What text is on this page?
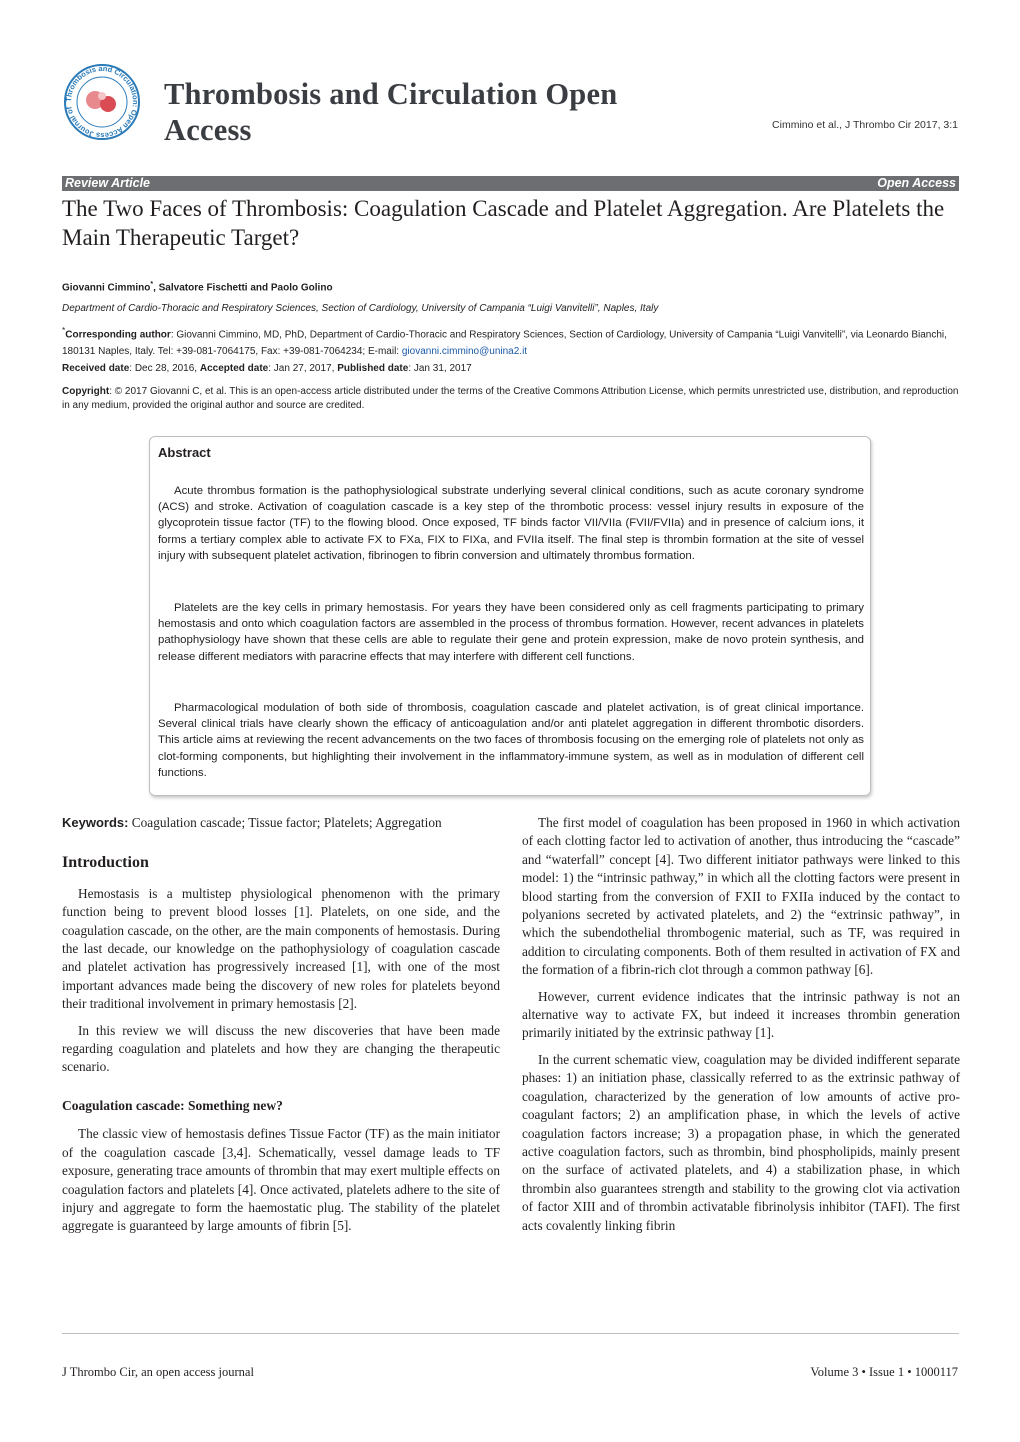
Thrombosis and Circulation: Open Access Journal of	Thrombosis and Circulation Open
Access	Cimmino et al., J Thrombo Cir 2017, 3:1
Review Article	Open Access
The Two Faces of Thrombosis: Coagulation Cascade and Platelet Aggregation. Are Platelets the Main Therapeutic Target?
Giovanni Cimmino*, Salvatore Fischetti and Paolo Golino
Department of Cardio-Thoracic and Respiratory Sciences, Section of Cardiology, University of Campania “Luigi Vanvitelli”, Naples, Italy
*Corresponding author: Giovanni Cimmino, MD, PhD, Department of Cardio-Thoracic and Respiratory Sciences, Section of Cardiology, University of Campania “Luigi Vanvitelli”, via Leonardo Bianchi, 180131 Naples, Italy. Tel: +39-081-7064175, Fax: +39-081-7064234; E-mail: giovanni.cimmino@unina2.it
Received date: Dec 28, 2016, Accepted date: Jan 27, 2017, Published date: Jan 31, 2017
Copyright: © 2017 Giovanni C, et al. This is an open-access article distributed under the terms of the Creative Commons Attribution License, which permits unrestricted use, distribution, and reproduction in any medium, provided the original author and source are credited.
Abstract
Acute thrombus formation is the pathophysiological substrate underlying several clinical conditions, such as acute coronary syndrome (ACS) and stroke. Activation of coagulation cascade is a key step of the thrombotic process: vessel injury results in exposure of the glycoprotein tissue factor (TF) to the flowing blood. Once exposed, TF binds factor VII/VIIa (FVII/FVIIa) and in presence of calcium ions, it forms a tertiary complex able to activate FX to FXa, FIX to FIXa, and FVIIa itself. The final step is thrombin formation at the site of vessel injury with subsequent platelet activation, fibrinogen to fibrin conversion and ultimately thrombus formation.
Platelets are the key cells in primary hemostasis. For years they have been considered only as cell fragments participating to primary hemostasis and onto which coagulation factors are assembled in the process of thrombus formation. However, recent advances in platelets pathophysiology have shown that these cells are able to regulate their gene and protein expression, make de novo protein synthesis, and release different mediators with paracrine effects that may interfere with different cell functions.
Pharmacological modulation of both side of thrombosis, coagulation cascade and platelet activation, is of great clinical importance. Several clinical trials have clearly shown the efficacy of anticoagulation and/or anti platelet aggregation in different thrombotic disorders. This article aims at reviewing the recent advancements on the two faces of thrombosis focusing on the emerging role of platelets not only as clot-forming components, but highlighting their involvement in the inflammatory-immune system, as well as in modulation of different cell functions.
Keywords: Coagulation cascade; Tissue factor; Platelets; Aggregation
Introduction

Hemostasis is a multistep physiological phenomenon with the primary function being to prevent blood losses [1]. Platelets, on one side, and the coagulation cascade, on the other, are the main components of hemostasis. During the last decade, our knowledge on the pathophysiology of coagulation cascade and platelet activation has progressively increased [1], with one of the most important advances made being the discovery of new roles for platelets beyond their traditional involvement in primary hemostasis [2].

In this review we will discuss the new discoveries that have been made regarding coagulation and platelets and how they are changing the therapeutic scenario.

Coagulation cascade: Something new?

The classic view of hemostasis defines Tissue Factor (TF) as the main initiator of the coagulation cascade [3,4]. Schematically, vessel damage leads to TF exposure, generating trace amounts of thrombin that may exert multiple effects on coagulation factors and platelets [4]. Once activated, platelets adhere to the site of injury and aggregate to form the haemostatic plug. The stability of the platelet aggregate is guaranteed by large amounts of fibrin [5].

The first model of coagulation has been proposed in 1960 in which activation of each clotting factor led to activation of another, thus introducing the “cascade” and “waterfall” concept [4]. Two different initiator pathways were linked to this model: 1) the “intrinsic pathway,” in which all the clotting factors were present in blood starting from the conversion of FXII to FXIIa induced by the contact to polyanions secreted by activated platelets, and 2) the “extrinsic pathway”, in which the subendothelial thrombogenic material, such as TF, was required in addition to circulating components. Both of them resulted in activation of FX and the formation of a fibrin-rich clot through a common pathway [6].

However, current evidence indicates that the intrinsic pathway is not an alternative way to activate FX, but indeed it increases thrombin generation primarily initiated by the extrinsic pathway [1].

In the current schematic view, coagulation may be divided indifferent separate phases: 1) an initiation phase, classically referred to as the extrinsic pathway of coagulation, characterized by the generation of low amounts of active pro-coagulant factors; 2) an amplification phase, in which the levels of active coagulation factors increase; 3) a propagation phase, in which the generated active coagulation factors, such as thrombin, bind phospholipids, mainly present on the surface of activated platelets, and 4) a stabilization phase, in which thrombin also guarantees strength and stability to the growing clot via activation of factor XIII and of thrombin activatable fibrinolysis inhibitor (TAFI). The first acts covalently linking fibrin

J Thrombo Cir, an open access journal	Volume 3 • Issue 1 • 1000117
